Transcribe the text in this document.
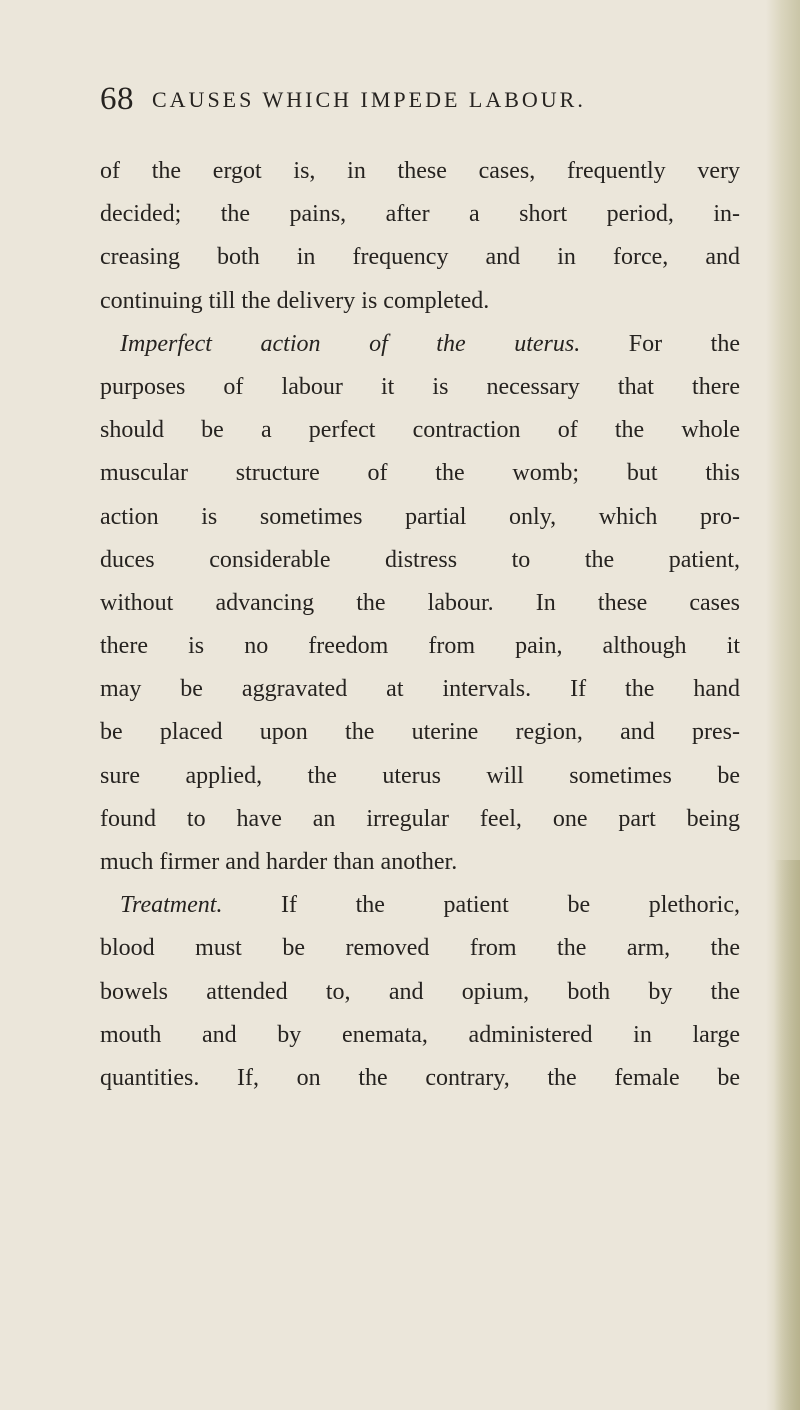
68 CAUSES WHICH IMPEDE LABOUR.
of the ergot is, in these cases, frequently very
decided; the pains, after a short period, in-
creasing both in frequency and in force, and
continuing till the delivery is completed.
Imperfect action of the uterus. For the
purposes of labour it is necessary that there
should be a perfect contraction of the whole
muscular structure of the womb; but this
action is sometimes partial only, which pro-
duces considerable distress to the patient,
without advancing the labour. In these cases
there is no freedom from pain, although it
may be aggravated at intervals. If the hand
be placed upon the uterine region, and pres-
sure applied, the uterus will sometimes be
found to have an irregular feel, one part being
much firmer and harder than another.
Treatment. If the patient be plethoric,
blood must be removed from the arm, the
bowels attended to, and opium, both by the
mouth and by enemata, administered in large
quantities. If, on the contrary, the female be
